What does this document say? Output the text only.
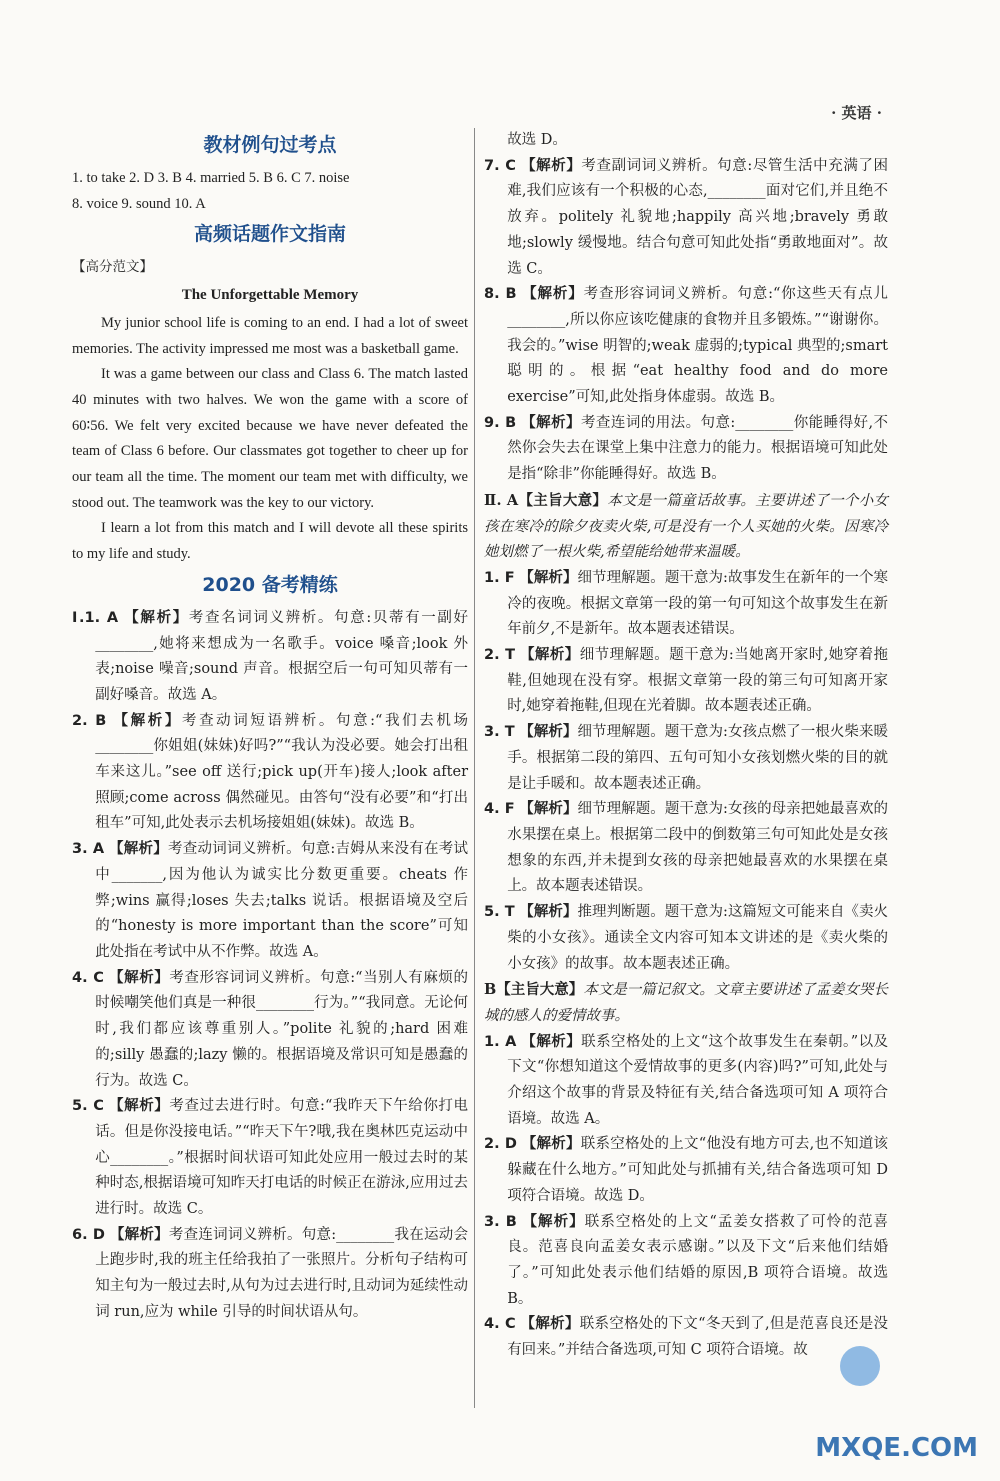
· 英语 ·
教材例句过考点

1. to take 2. D 3. B 4. married 5. B 6. C 7. noise

8. voice 9. sound 10. A

高频话题作文指南

【高分范文】

The Unforgettable Memory

My junior school life is coming to an end. I had a lot of sweet memories. The activity impressed me most was a basketball game.

It was a game between our class and Class 6. The match lasted 40 minutes with two halves. We won the game with a score of 60∶56. We felt very excited because we have never defeated the team of Class 6 before. Our classmates got together to cheer up for our team all the time. The moment our team met with difficulty, we stood out. The teamwork was the key to our victory.

I learn a lot from this match and I will devote all these spirits to my life and study.

2020 备考精练

Ⅰ.1. A 【解析】考查名词词义辨析。句意:贝蒂有一副好________,她将来想成为一名歌手。voice 嗓音;look 外表;noise 噪音;sound 声音。根据空后一句可知贝蒂有一副好嗓音。故选 A。

2. B 【解析】考查动词短语辨析。句意:“我们去机场________你姐姐(妹妹)好吗?”“我认为没必要。她会打出租车来这儿。”see off 送行;pick up(开车)接人;look after 照顾;come across 偶然碰见。由答句“没有必要”和“打出租车”可知,此处表示去机场接姐姐(妹妹)。故选 B。

3. A 【解析】考查动词词义辨析。句意:吉姆从来没有在考试中_______,因为他认为诚实比分数更重要。cheats 作弊;wins 赢得;loses 失去;talks 说话。根据语境及空后的“honesty is more important than the score”可知此处指在考试中从不作弊。故选 A。

4. C 【解析】考查形容词词义辨析。句意:“当别人有麻烦的时候嘲笑他们真是一种很________行为。”“我同意。无论何时,我们都应该尊重别人。”polite 礼貌的;hard 困难的;silly 愚蠢的;lazy 懒的。根据语境及常识可知是愚蠢的行为。故选 C。

5. C 【解析】考查过去进行时。句意:“我昨天下午给你打电话。但是你没接电话。”“昨天下午?哦,我在奥林匹克运动中心________。”根据时间状语可知此处应用一般过去时的某种时态,根据语境可知昨天打电话的时候正在游泳,应用过去进行时。故选 C。

6. D 【解析】考查连词词义辨析。句意:________我在运动会上跑步时,我的班主任给我拍了一张照片。分析句子结构可知主句为一般过去时,从句为过去进行时,且动词为延续性动词 run,应为 while 引导的时间状语从句。

故选 D。

7. C 【解析】考查副词词义辨析。句意:尽管生活中充满了困难,我们应该有一个积极的心态,________面对它们,并且绝不放弃。politely 礼貌地;happily 高兴地;bravely 勇敢地;slowly 缓慢地。结合句意可知此处指“勇敢地面对”。故选 C。

8. B 【解析】考查形容词词义辨析。句意:“你这些天有点儿________,所以你应该吃健康的食物并且多锻炼。”“谢谢你。我会的。”wise 明智的;weak 虚弱的;typical 典型的;smart 聪明的。根据“eat healthy food and do more exercise”可知,此处指身体虚弱。故选 B。

9. B 【解析】考查连词的用法。句意:________你能睡得好,不然你会失去在课堂上集中注意力的能力。根据语境可知此处是指“除非”你能睡得好。故选 B。

Ⅱ. A【主旨大意】本文是一篇童话故事。主要讲述了一个小女孩在寒冷的除夕夜卖火柴,可是没有一个人买她的火柴。因寒冷她划燃了一根火柴,希望能给她带来温暖。

1. F 【解析】细节理解题。题干意为:故事发生在新年的一个寒冷的夜晚。根据文章第一段的第一句可知这个故事发生在新年前夕,不是新年。故本题表述错误。

2. T 【解析】细节理解题。题干意为:当她离开家时,她穿着拖鞋,但她现在没有穿。根据文章第一段的第三句可知离开家时,她穿着拖鞋,但现在光着脚。故本题表述正确。

3. T 【解析】细节理解题。题干意为:女孩点燃了一根火柴来暖手。根据第二段的第四、五句可知小女孩划燃火柴的目的就是让手暖和。故本题表述正确。

4. F 【解析】细节理解题。题干意为:女孩的母亲把她最喜欢的水果摆在桌上。根据第二段中的倒数第三句可知此处是女孩想象的东西,并未提到女孩的母亲把她最喜欢的水果摆在桌上。故本题表述错误。

5. T 【解析】推理判断题。题干意为:这篇短文可能来自《卖火柴的小女孩》。通读全文内容可知本文讲述的是《卖火柴的小女孩》的故事。故本题表述正确。

B【主旨大意】本文是一篇记叙文。文章主要讲述了孟姜女哭长城的感人的爱情故事。

1. A 【解析】联系空格处的上文“这个故事发生在秦朝。”以及下文“你想知道这个爱情故事的更多(内容)吗?”可知,此处与介绍这个故事的背景及特征有关,结合备选项可知 A 项符合语境。故选 A。

2. D 【解析】联系空格处的上文“他没有地方可去,也不知道该躲藏在什么地方。”可知此处与抓捕有关,结合备选项可知 D 项符合语境。故选 D。

3. B 【解析】联系空格处的上文“孟姜女搭救了可怜的范喜良。范喜良向孟姜女表示感谢。”以及下文“后来他们结婚了。”可知此处表示他们结婚的原因,B 项符合语境。故选 B。

4. C 【解析】联系空格处的下文“冬天到了,但是范喜良还是没有回来。”并结合备选项,可知 C 项符合语境。故

MXQE.COM
